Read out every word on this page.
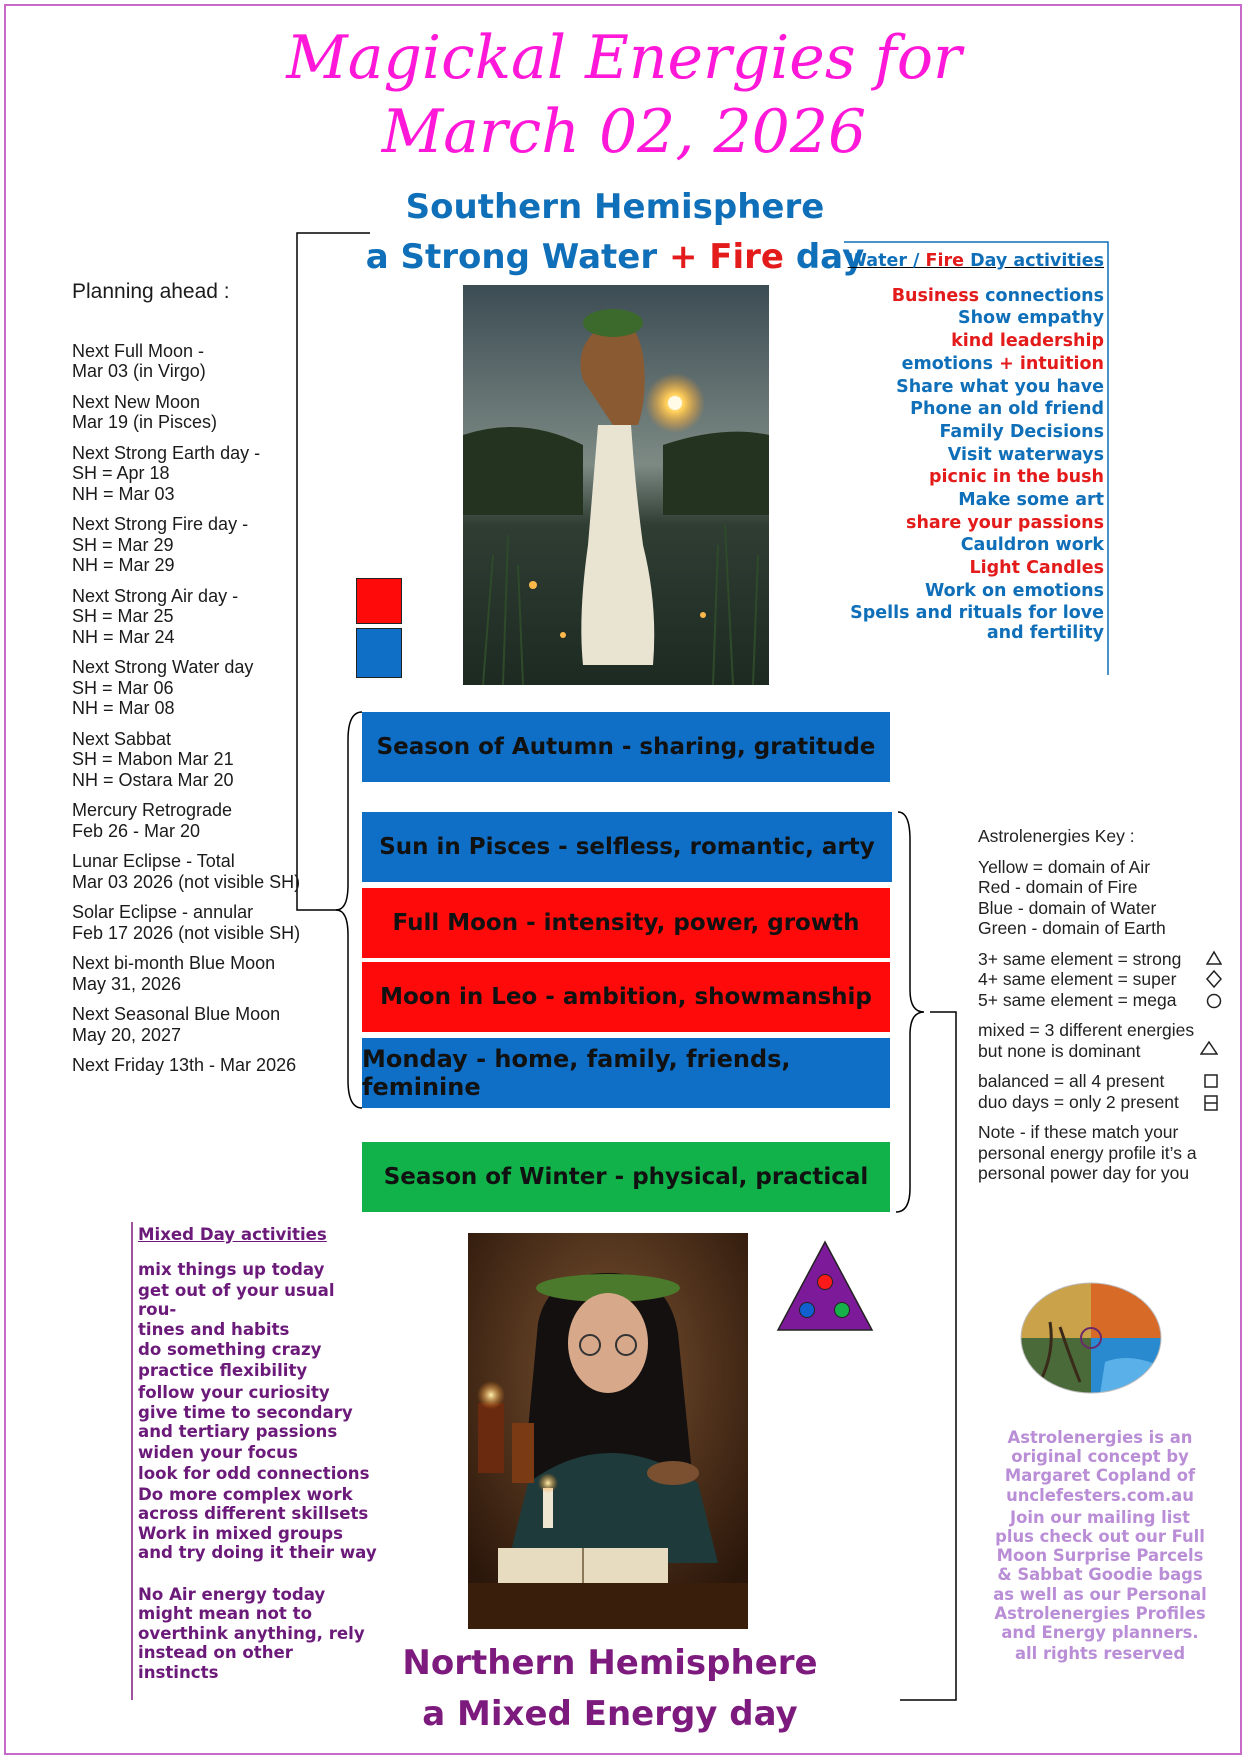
Magickal Energies for
March 02, 2026
Southern Hemisphere
a Strong Water + Fire day
Planning ahead :
Next Full Moon -
Mar 03 (in Virgo)
Next New Moon
Mar 19 (in Pisces)
Next Strong Earth day -
SH = Apr 18
NH = Mar 03
Next Strong Fire day -
SH = Mar 29
NH = Mar 29
Next Strong Air day -
SH = Mar 25
NH = Mar 24
Next Strong Water day
SH = Mar 06
NH = Mar 08
Next Sabbat
SH = Mabon Mar 21
NH = Ostara Mar 20
Mercury Retrograde
Feb 26 - Mar 20
Lunar Eclipse - Total
Mar 03 2026 (not visible SH)
Solar Eclipse - annular
Feb 17 2026 (not visible SH)
Next bi-month Blue Moon
May 31, 2026
Next Seasonal Blue Moon
May 20, 2027
Next Friday 13th - Mar 2026
Water / Fire Day activities
Business connections
Show empathy
kind leadership
emotions + intuition
Share what you have
Phone an old friend
Family Decisions
Visit waterways
picnic in the bush
Make some art
share your passions
Cauldron work
Light Candles
Work on emotions
Spells and rituals for love
and fertility
Season of Autumn - sharing, gratitude
Sun in Pisces - selfless, romantic, arty
Full Moon - intensity, power, growth
Moon in Leo - ambition, showmanship
Monday - home, family, friends, feminine
Season of Winter - physical, practical
Astrolenergies Key :
Yellow = domain of Air
Red - domain of Fire
Blue - domain of Water
Green - domain of Earth
3+ same element = strong
4+ same element = super
5+ same element = mega
mixed = 3 different energies
but none is dominant
balanced = all 4 present
duo days = only 2 present
Note - if these match your
personal energy profile it’s a
personal power day for you
Mixed Day activities
mix things up today
get out of your usual rou-
tines and habits
do something crazy
practice flexibility
follow your curiosity
give time to secondary
and tertiary passions
widen your focus
look for odd connections
Do more complex work
across different skillsets
Work in mixed groups
and try doing it their way
No Air energy today
might mean not to
overthink anything, rely
instead on other instincts
Astrolenergies is an
original concept by
Margaret Copland of
unclefesters.com.au
Join our mailing list
plus check out our Full
Moon Surprise Parcels
& Sabbat Goodie bags
as well as our Personal
Astrolenergies Profiles
and Energy planners.
all rights reserved
Northern Hemisphere
a Mixed Energy day
